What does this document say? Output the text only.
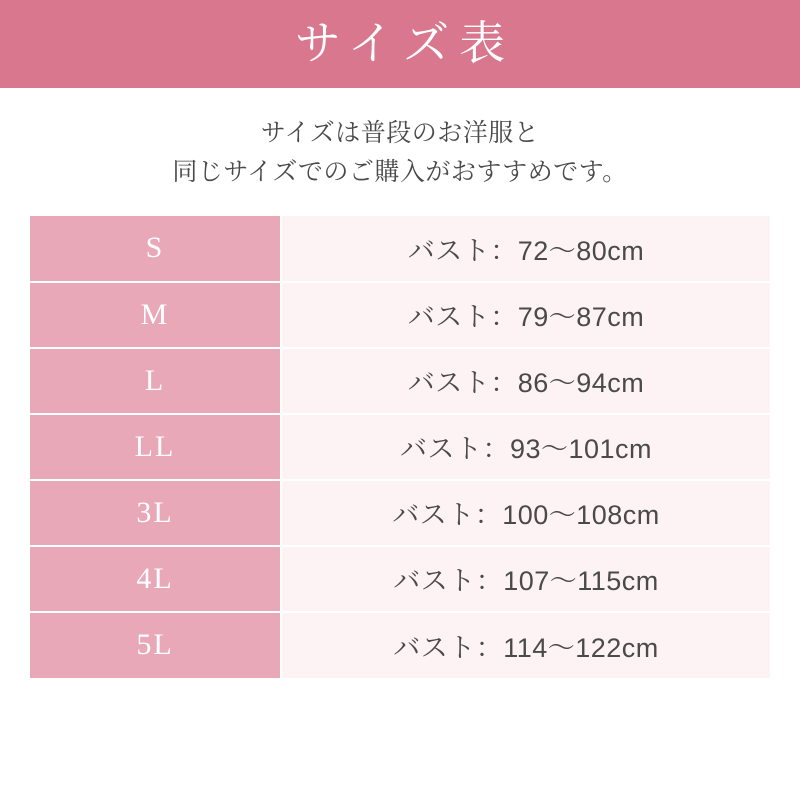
サイズ表
サイズは普段のお洋服と
同じサイズでのご購入がおすすめです。
S	バスト：72〜80cm
M	バスト：79〜87cm
L	バスト：86〜94cm
LL	バスト：93〜101cm
3L	バスト：100〜108cm
4L	バスト：107〜115cm
5L	バスト：114〜122cm
